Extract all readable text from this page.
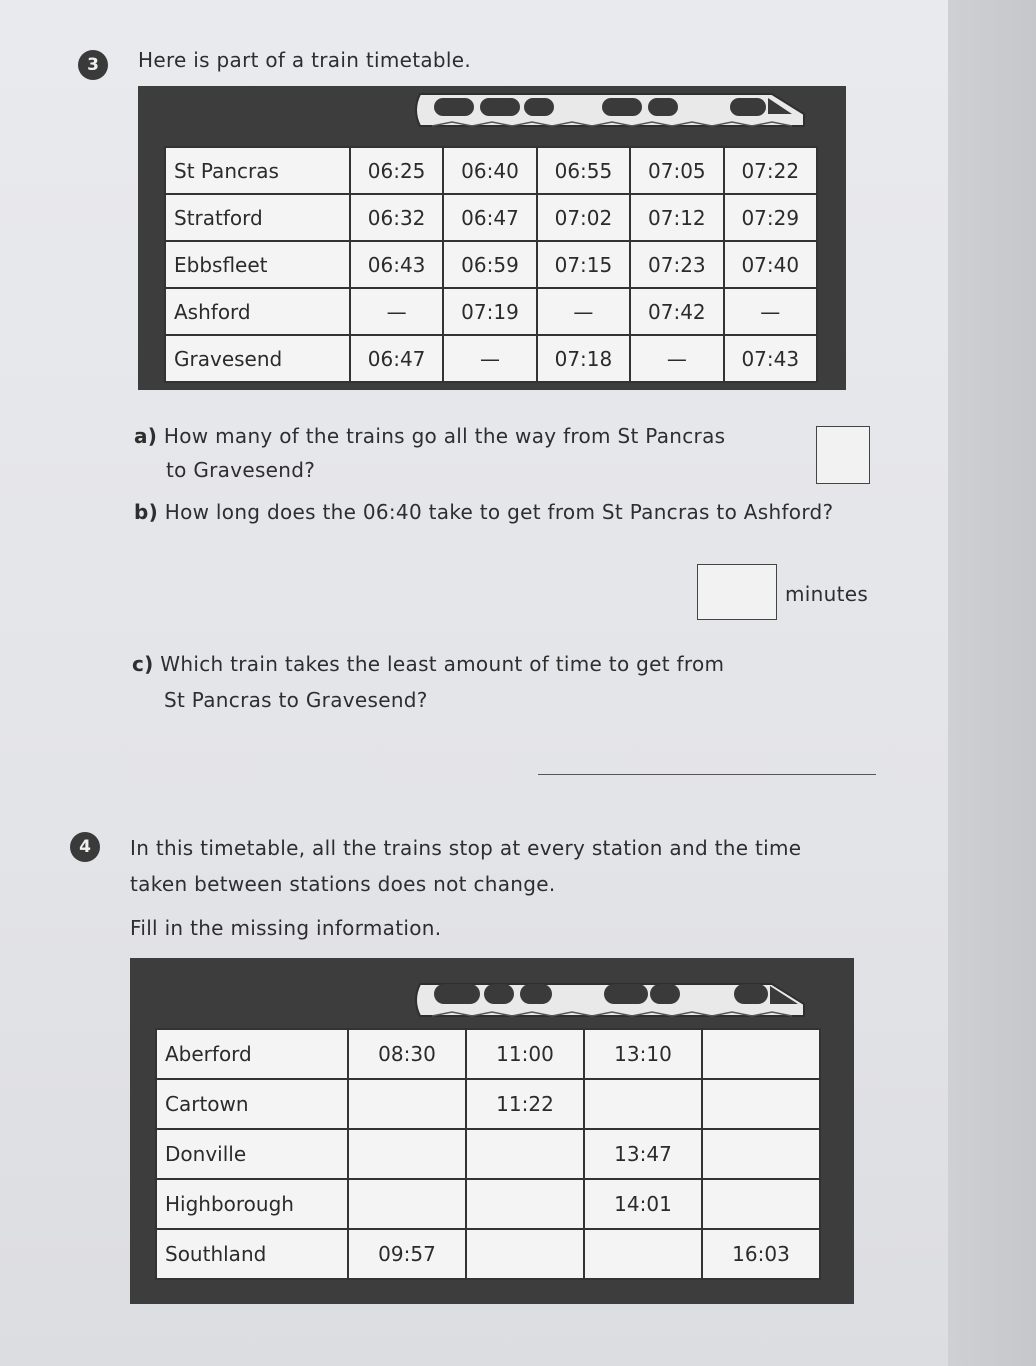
3	Here is part of a train timetable.
St Pancras	06:25	06:40	06:55	07:05	07:22
Stratford	06:32	06:47	07:02	07:12	07:29
Ebbsfleet	06:43	06:59	07:15	07:23	07:40
Ashford	—	07:19	—	07:42	—
Gravesend	06:47	—	07:18	—	07:43
a) How many of the trains go all the way from St Pancras
to Gravesend?
b) How long does the 06:40 take to get from St Pancras to Ashford?
minutes
c) Which train takes the least amount of time to get from
St Pancras to Gravesend?
4	In this timetable, all the trains stop at every station and the time
taken between stations does not change.
Fill in the missing information.
Aberford	08:30	11:00	13:10	
Cartown		11:22		
Donville			13:47	
Highborough			14:01	
Southland	09:57			16:03
